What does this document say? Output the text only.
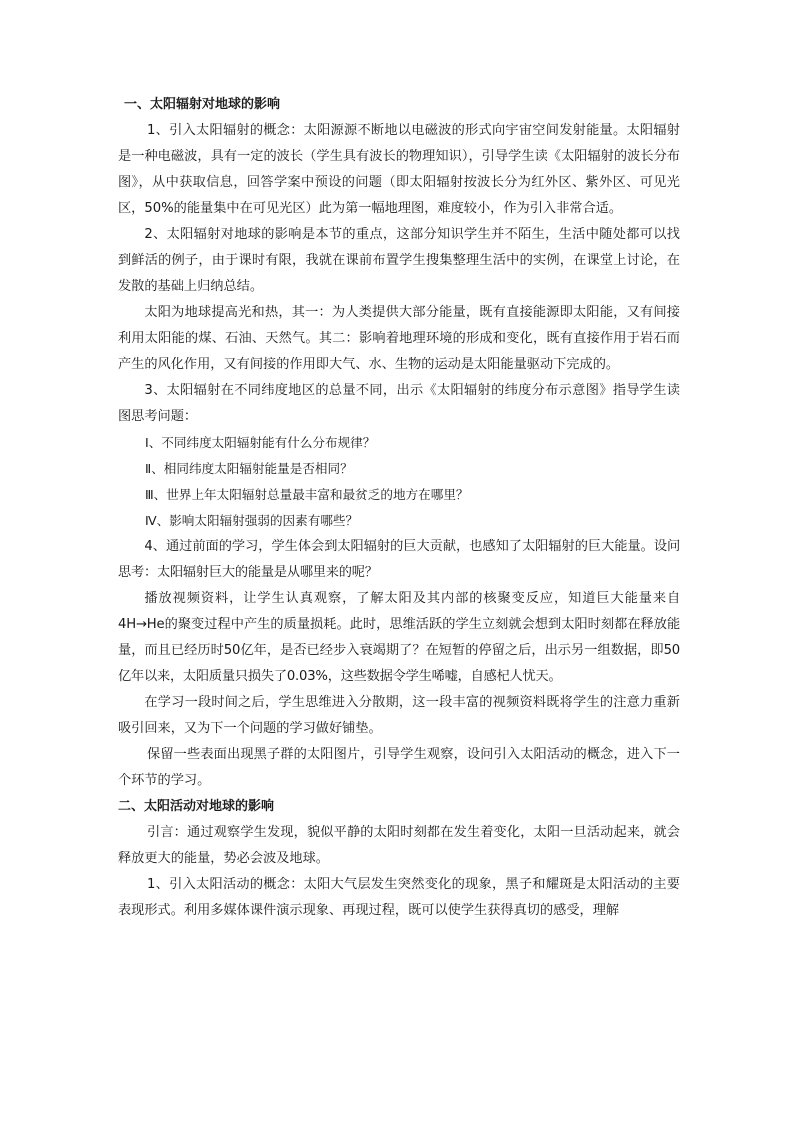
一、太阳辐射对地球的影响

1、引入太阳辐射的概念：太阳源源不断地以电磁波的形式向宇宙空间发射能量。太阳辐射是一种电磁波，具有一定的波长（学生具有波长的物理知识），引导学生读《太阳辐射的波长分布图》，从中获取信息，回答学案中预设的问题（即太阳辐射按波长分为红外区、紫外区、可见光区，50%的能量集中在可见光区）此为第一幅地理图，难度较小，作为引入非常合适。

2、太阳辐射对地球的影响是本节的重点，这部分知识学生并不陌生，生活中随处都可以找到鲜活的例子，由于课时有限，我就在课前布置学生搜集整理生活中的实例，在课堂上讨论，在发散的基础上归纳总结。

太阳为地球提高光和热，其一：为人类提供大部分能量，既有直接能源即太阳能，又有间接利用太阳能的煤、石油、天然气。其二：影响着地理环境的形成和变化，既有直接作用于岩石而产生的风化作用，又有间接的作用即大气、水、生物的运动是太阳能量驱动下完成的。

3、太阳辐射在不同纬度地区的总量不同，出示《太阳辐射的纬度分布示意图》指导学生读图思考问题：

Ⅰ、不同纬度太阳辐射能有什么分布规律？

Ⅱ、相同纬度太阳辐射能量是否相同？

Ⅲ、世界上年太阳辐射总量最丰富和最贫乏的地方在哪里？

Ⅳ、影响太阳辐射强弱的因素有哪些？

4、通过前面的学习，学生体会到太阳辐射的巨大贡献，也感知了太阳辐射的巨大能量。设问思考：太阳辐射巨大的能量是从哪里来的呢？

播放视频资料，让学生认真观察，了解太阳及其内部的核聚变反应，知道巨大能量来自4H→He的聚变过程中产生的质量损耗。此时，思维活跃的学生立刻就会想到太阳时刻都在释放能量，而且已经历时50亿年，是否已经步入衰竭期了？在短暂的停留之后，出示另一组数据，即50亿年以来，太阳质量只损失了0.03%，这些数据令学生唏嘘，自感杞人忧天。

在学习一段时间之后，学生思维进入分散期，这一段丰富的视频资料既将学生的注意力重新吸引回来，又为下一个问题的学习做好铺垫。

保留一些表面出现黑子群的太阳图片，引导学生观察，设问引入太阳活动的概念，进入下一个环节的学习。

二、太阳活动对地球的影响

引言：通过观察学生发现，貌似平静的太阳时刻都在发生着变化，太阳一旦活动起来，就会释放更大的能量，势必会波及地球。

1、引入太阳活动的概念：太阳大气层发生突然变化的现象，黑子和耀斑是太阳活动的主要表现形式。利用多媒体课件演示现象、再现过程，既可以使学生获得真切的感受，理解
